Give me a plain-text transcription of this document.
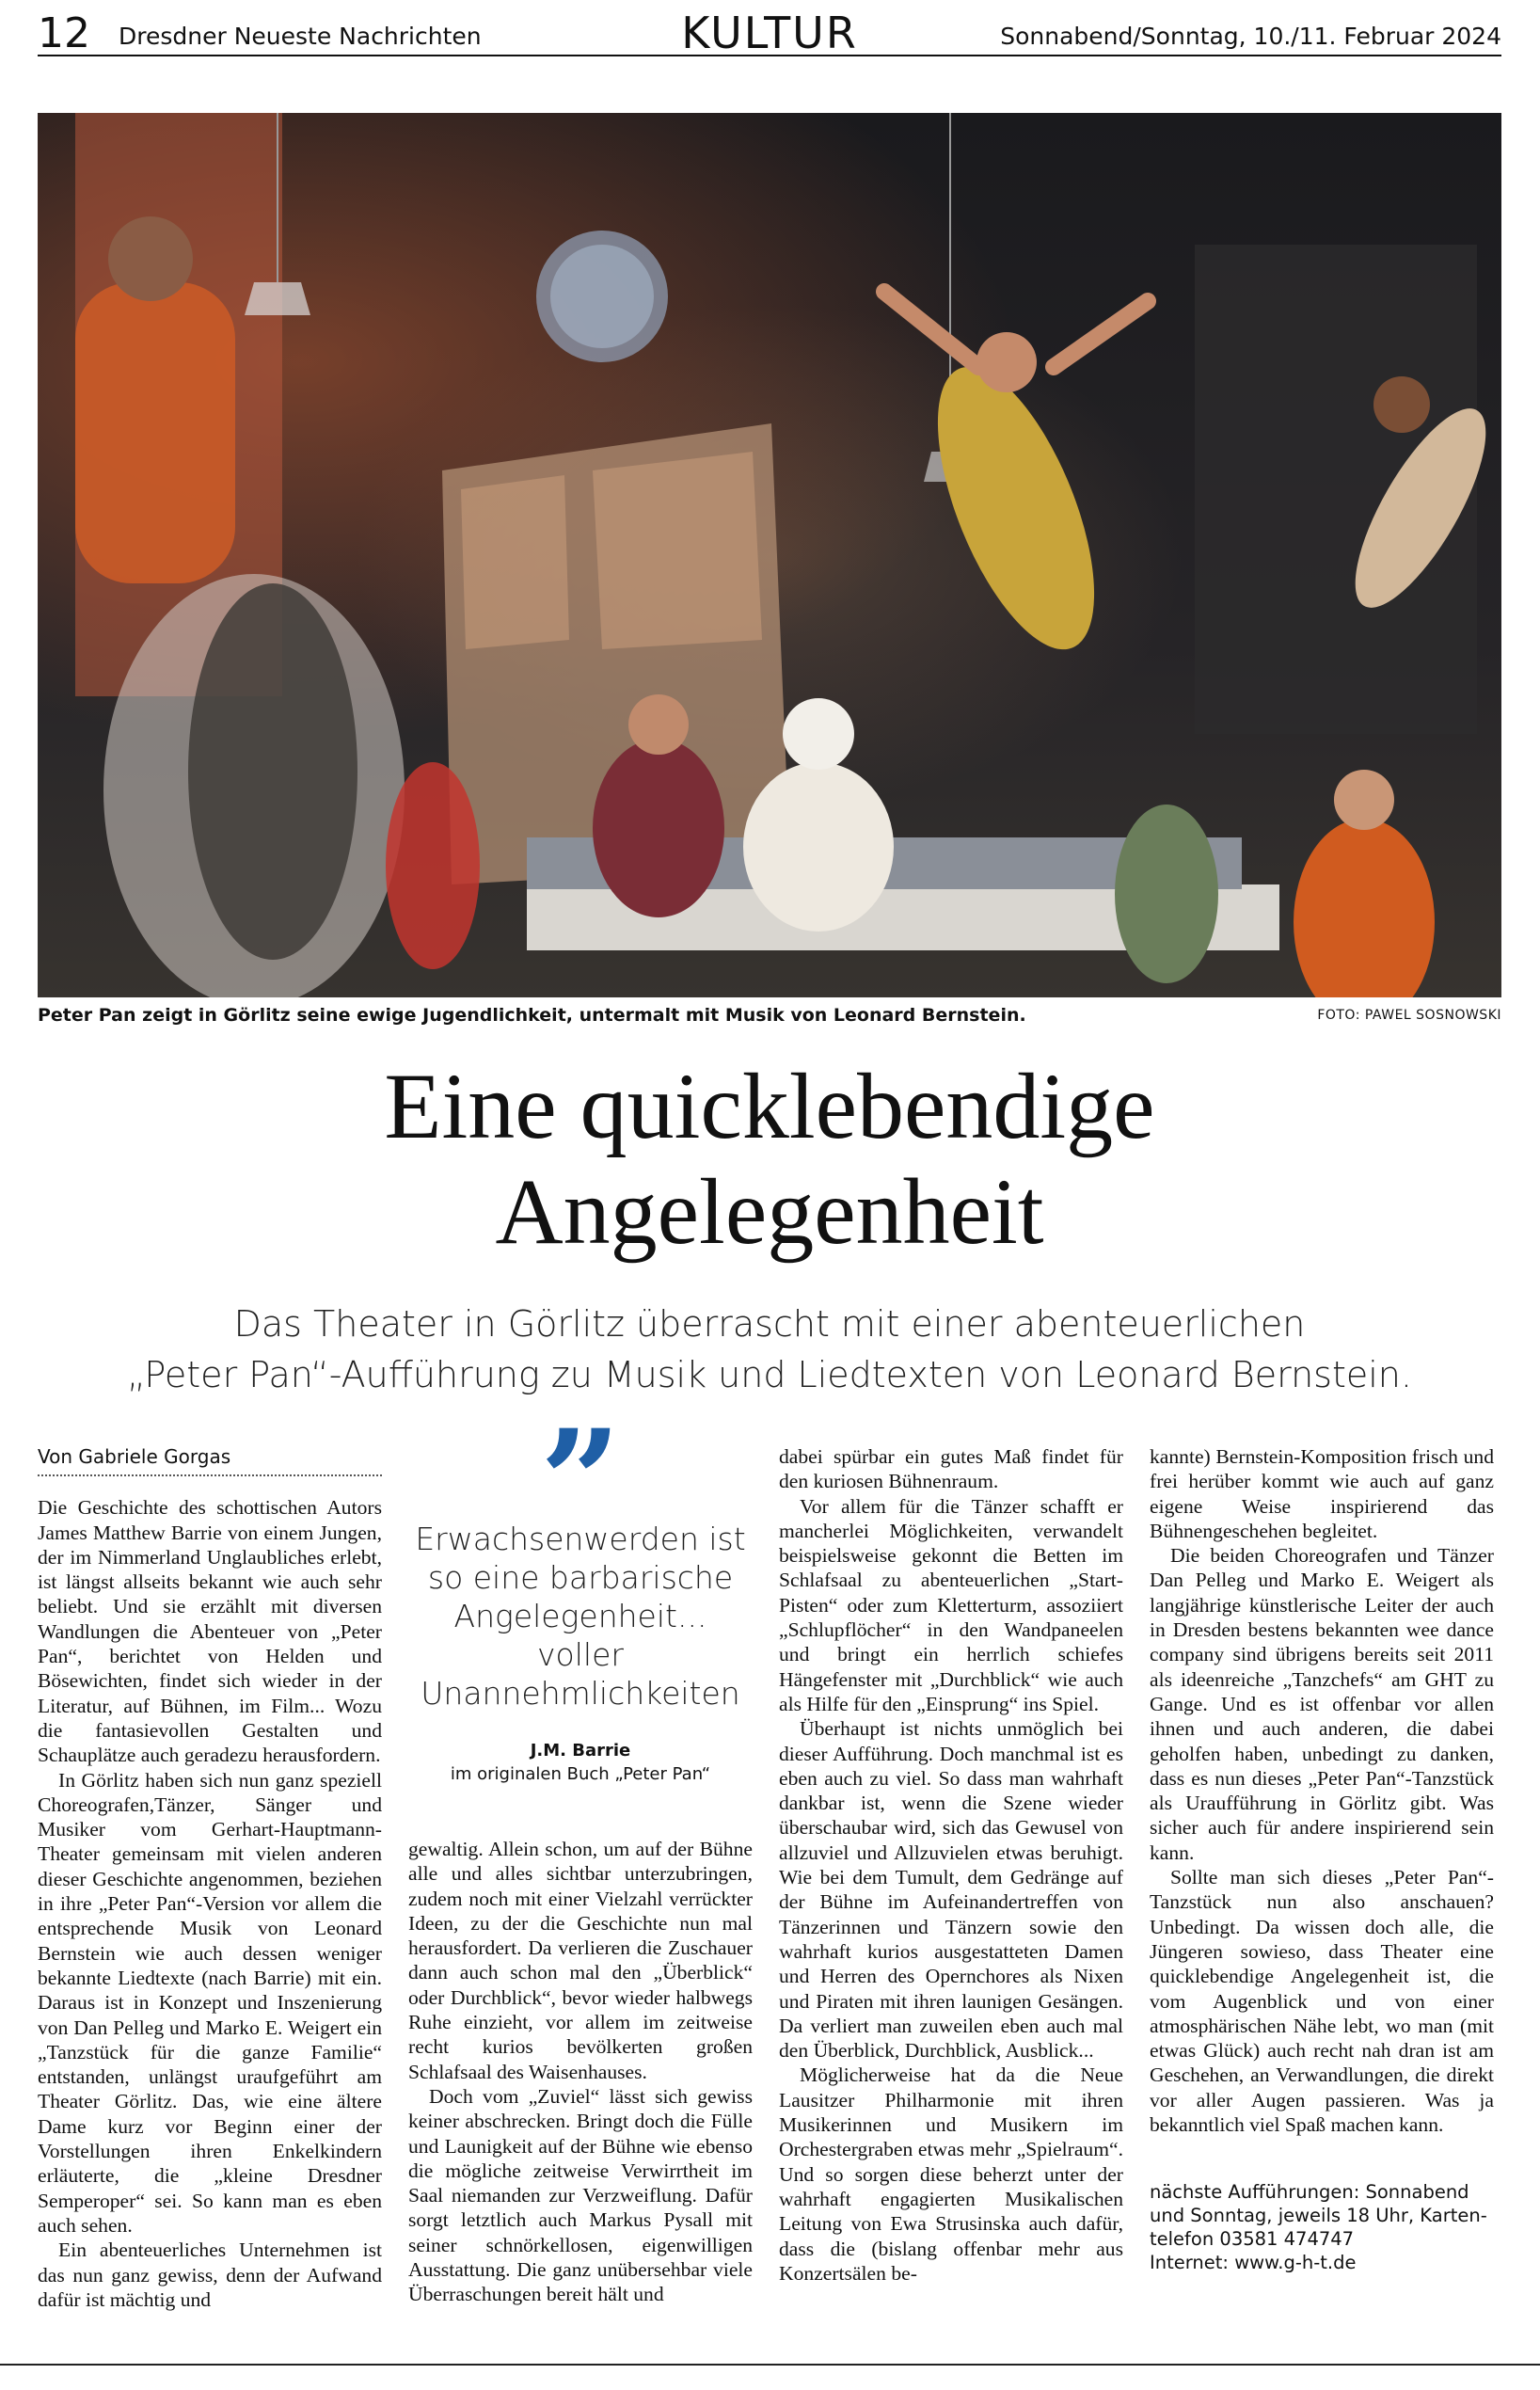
12 Dresdner Neueste Nachrichten	KULTUR	Sonnabend/Sonntag, 10./11. Februar 2024
Peter Pan zeigt in Görlitz seine ewige Jugendlichkeit, untermalt mit Musik von Leonard Bernstein.	FOTO: PAWEL SOSNOWSKI
Eine quicklebendige
Angelegenheit
Das Theater in Görlitz überrascht mit einer abenteuerlichen
„Peter Pan“-Aufführung zu Musik und Liedtexten von Leonard Bernstein.
Von Gabriele Gorgas

Die Geschichte des schottischen Autors James Matthew Barrie von einem Jungen, der im Nimmerland Unglaubliches erlebt, ist längst allseits bekannt wie auch sehr beliebt. Und sie erzählt mit diversen Wandlungen die Abenteuer von „Peter Pan“, berichtet von Helden und Bösewichten, findet sich wieder in der Literatur, auf Bühnen, im Film... Wozu die fantasievollen Gestalten und Schauplätze auch geradezu herausfordern.

In Görlitz haben sich nun ganz speziell Choreografen,Tänzer, Sänger und Musiker vom Gerhart-Hauptmann-Theater gemeinsam mit vielen anderen dieser Geschichte angenommen, beziehen in ihre „Peter Pan“-Version vor allem die entsprechende Musik von Leonard Bernstein wie auch dessen weniger bekannte Liedtexte (nach Barrie) mit ein. Daraus ist in Konzept und Inszenierung von Dan Pelleg und Marko E. Weigert ein „Tanzstück für die ganze Familie“ entstanden, unlängst uraufgeführt am Theater Görlitz. Das, wie eine ältere Dame kurz vor Beginn einer der Vorstellungen ihren Enkelkindern erläuterte, die „kleine Dresdner Semperoper“ sei. So kann man es eben auch sehen.

Ein abenteuerliches Unternehmen ist das nun ganz gewiss, denn der Aufwand dafür ist mächtig und

”
Erwachsenwerden ist so eine barbarische Angelegenheit... voller Unannehmlichkeiten
J.M. Barrie
im originalen Buch „Peter Pan“

gewaltig. Allein schon, um auf der Bühne alle und alles sichtbar unterzubringen, zudem noch mit einer Vielzahl verrückter Ideen, zu der die Geschichte nun mal herausfordert. Da verlieren die Zuschauer dann auch schon mal den „Überblick“ oder Durchblick“, bevor wieder halbwegs Ruhe einzieht, vor allem im zeitweise recht kurios bevölkerten großen Schlafsaal des Waisenhauses.

Doch vom „Zuviel“ lässt sich gewiss keiner abschrecken. Bringt doch die Fülle und Launigkeit auf der Bühne wie ebenso die mögliche zeitweise Verwirrtheit im Saal niemanden zur Verzweiflung. Dafür sorgt letztlich auch Markus Pysall mit seiner schnörkellosen, eigenwilligen Ausstattung. Die ganz unübersehbar viele Überraschungen bereit hält und

dabei spürbar ein gutes Maß findet für den kuriosen Bühnenraum.

Vor allem für die Tänzer schafft er mancherlei Möglichkeiten, verwandelt beispielsweise gekonnt die Betten im Schlafsaal zu abenteuerlichen „Start-Pisten“ oder zum Kletterturm, assoziiert „Schlupflöcher“ in den Wandpaneelen und bringt ein herrlich schiefes Hängefenster mit „Durchblick“ wie auch als Hilfe für den „Einsprung“ ins Spiel.

Überhaupt ist nichts unmöglich bei dieser Aufführung. Doch manchmal ist es eben auch zu viel. So dass man wahrhaft dankbar ist, wenn die Szene wieder überschaubar wird, sich das Gewusel von allzuviel und Allzuvielen etwas beruhigt. Wie bei dem Tumult, dem Gedränge auf der Bühne im Aufeinandertreffen von Tänzerinnen und Tänzern sowie den wahrhaft kurios ausgestatteten Damen und Herren des Opernchores als Nixen und Piraten mit ihren launigen Gesängen. Da verliert man zuweilen eben auch mal den Überblick, Durchblick, Ausblick...

Möglicherweise hat da die Neue Lausitzer Philharmonie mit ihren Musikerinnen und Musikern im Orchestergraben etwas mehr „Spielraum“. Und so sorgen diese beherzt unter der wahrhaft engagierten Musikalischen Leitung von Ewa Strusinska auch dafür, dass die (bislang offenbar mehr aus Konzertsälen be-

kannte) Bernstein-Komposition frisch und frei herüber kommt wie auch auf ganz eigene Weise inspirierend das Bühnengeschehen begleitet.

Die beiden Choreografen und Tänzer Dan Pelleg und Marko E. Weigert als langjährige künstlerische Leiter der auch in Dresden bestens bekannten wee dance company sind übrigens bereits seit 2011 als ideenreiche „Tanzchefs“ am GHT zu Gange. Und es ist offenbar vor allen ihnen und auch anderen, die dabei geholfen haben, unbedingt zu danken, dass es nun dieses „Peter Pan“-Tanzstück als Uraufführung in Görlitz gibt. Was sicher auch für andere inspirierend sein kann.

Sollte man sich dieses „Peter Pan“-Tanzstück nun also anschauen? Unbedingt. Da wissen doch alle, die Jüngeren sowieso, dass Theater eine quicklebendige Angelegenheit ist, die vom Augenblick und von einer atmosphärischen Nähe lebt, wo man (mit etwas Glück) auch recht nah dran ist am Geschehen, an Verwandlungen, die direkt vor aller Augen passieren. Was ja bekanntlich viel Spaß machen kann.

nächste Aufführungen: Sonnabend
und Sonntag, jeweils 18 Uhr, Karten-
telefon 03581 474747
Internet: www.g-h-t.de
